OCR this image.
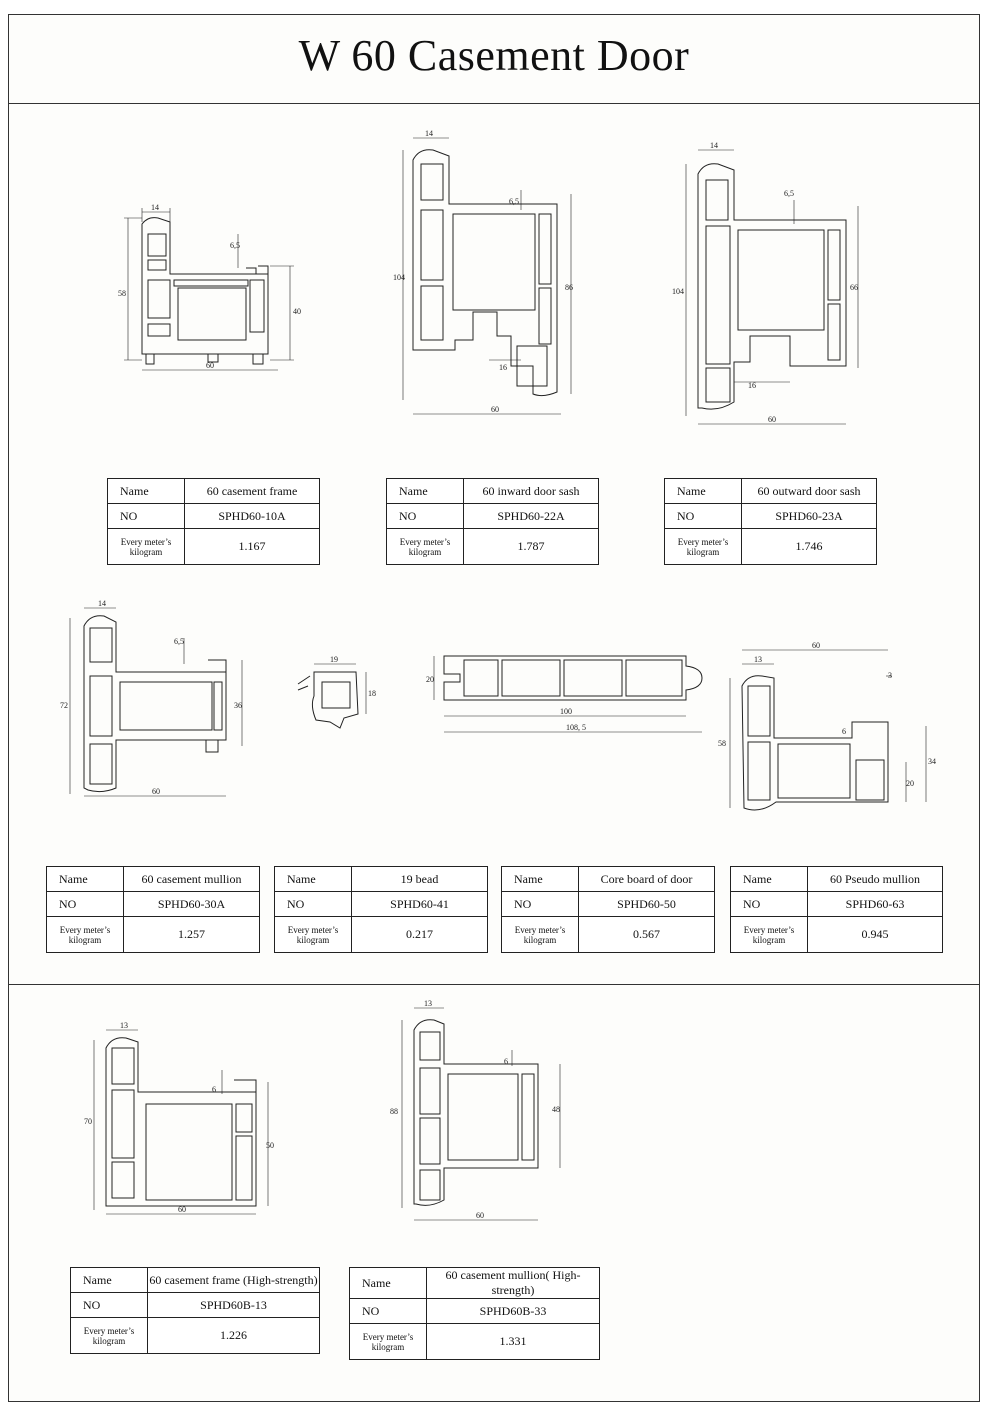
W 60 Casement Door
14
6,5
58
40
60
14
6,5
104
86
16
60
14
6,5
104	66
16
60
14
6,5
72	36
60
19
18
20
100
108, 5
60
13
3
6
58
34
20
13
6
70
50
60
13
6
88	48
60
Name	60 casement frame
NO	SPHD60-10A
Every meter’s
kilogram	1.167
Name	60 inward door sash
NO	SPHD60-22A
Every meter’s
kilogram	1.787
Name	60 outward door sash
NO	SPHD60-23A
Every meter’s
kilogram	1.746
Name	60 casement mullion
NO	SPHD60-30A
Every meter’s
kilogram	1.257
Name	19 bead
NO	SPHD60-41
Every meter’s
kilogram	0.217
Name	Core board of door
NO	SPHD60-50
Every meter’s
kilogram	0.567
Name	60 Pseudo mullion
NO	SPHD60-63
Every meter’s
kilogram	0.945
Name	60 casement frame (High-strength)
NO	SPHD60B-13
Every meter’s
kilogram	1.226
Name	60 casement mullion( High-strength)
NO	SPHD60B-33
Every meter’s
kilogram	1.331
